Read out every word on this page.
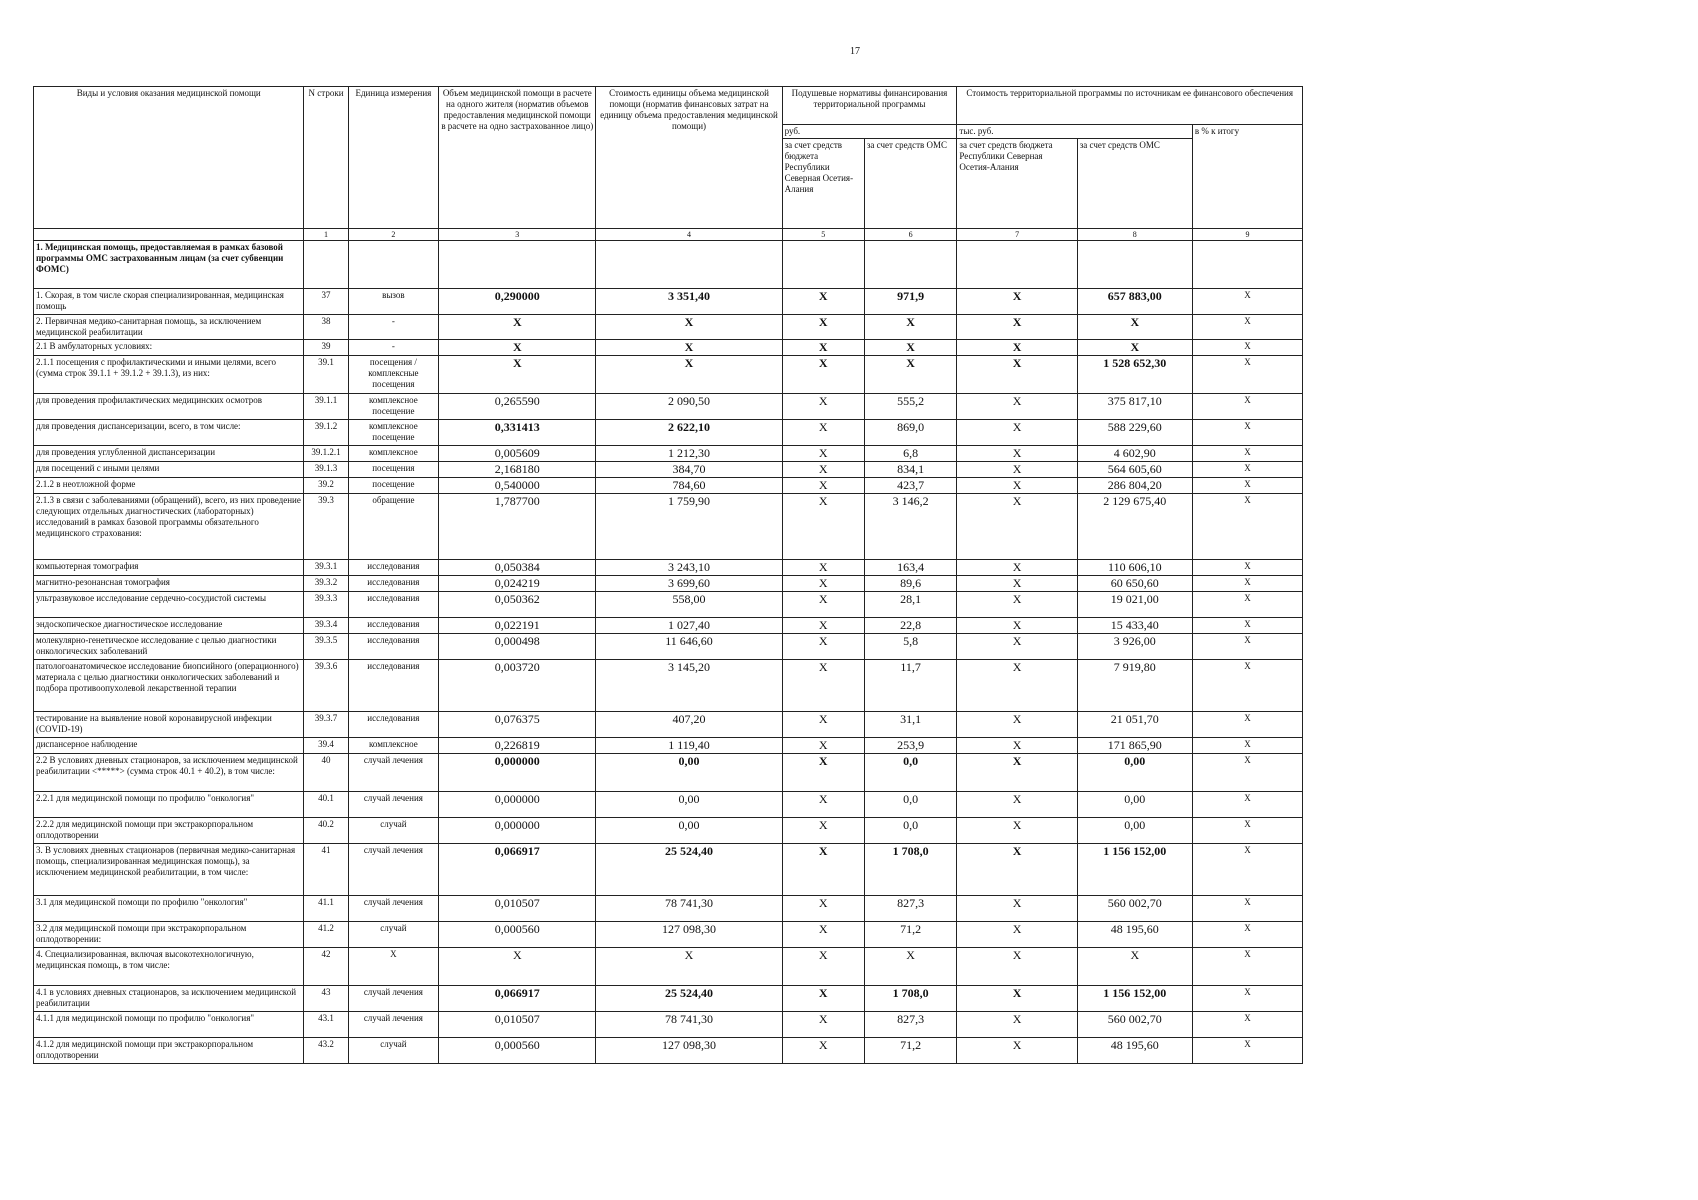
17
Виды и условия оказания медицинской помощи	N строки	Единица измерения	Объем медицинской помощи в расчете на одного жителя (норматив объемов предоставления медицинской помощи в расчете на одно застрахованное лицо)	Стоимость единицы объема медицинской помощи (норматив финансовых затрат на единицу объема предоставления медицинской помощи)	Подушевые нормативы финансирования территориальной программы		Стоимость территориальной программы по источникам ее финансового обеспечения		
					руб.		тыс. руб.		в % к итогу
					за счет средств бюджета Республики Северная Осетия-Алания	за счет средств ОМС	за счет средств бюджета Республики Северная Осетия-Алания	за счет средств ОМС	

	1	2	3	4	5	6	7	8	9
1. Медицинская помощь, предоставляемая в рамках базовой программы ОМС застрахованным лицам (за счет субвенции ФОМС)									
1. Скорая, в том числе скорая специализированная, медицинская помощь	37	вызов	0,290000	3 351,40	X	971,9	X	657 883,00	X
2. Первичная медико-санитарная помощь, за исключением медицинской реабилитации	38	-	X	X	X	X	X	X	X
2.1 В амбулаторных условиях:	39	-	X	X	X	X	X	X	X
2.1.1 посещения с профилактическими и иными целями, всего (сумма строк 39.1.1 + 39.1.2 + 39.1.3), из них:	39.1	посещения / комплексные посещения	X	X	X	X	X	1 528 652,30	X
для проведения профилактических медицинских осмотров	39.1.1	комплексное посещение	0,265590	2 090,50	X	555,2	X	375 817,10	X
для проведения диспансеризации, всего, в том числе:	39.1.2	комплексное посещение	0,331413	2 622,10	X	869,0	X	588 229,60	X
для проведения углубленной диспансеризации	39.1.2.1	комплексное	0,005609	1 212,30	X	6,8	X	4 602,90	X
для посещений с иными целями	39.1.3	посещения	2,168180	384,70	X	834,1	X	564 605,60	X
2.1.2 в неотложной форме	39.2	посещение	0,540000	784,60	X	423,7	X	286 804,20	X
2.1.3 в связи с заболеваниями (обращений), всего, из них проведение следующих отдельных диагностических (лабораторных) исследований в рамках базовой программы обязательного медицинского страхования:	39.3	обращение	1,787700	1 759,90	X	3 146,2	X	2 129 675,40	X
компьютерная томография	39.3.1	исследования	0,050384	3 243,10	X	163,4	X	110 606,10	X
магнитно-резонансная томография	39.3.2	исследования	0,024219	3 699,60	X	89,6	X	60 650,60	X
ультразвуковое исследование сердечно-сосудистой системы	39.3.3	исследования	0,050362	558,00	X	28,1	X	19 021,00	X
эндоскопическое диагностическое исследование	39.3.4	исследования	0,022191	1 027,40	X	22,8	X	15 433,40	X
молекулярно-генетическое исследование с целью диагностики онкологических заболеваний	39.3.5	исследования	0,000498	11 646,60	X	5,8	X	3 926,00	X
патологоанатомическое исследование биопсийного (операционного) материала с целью диагностики онкологических заболеваний и подбора противоопухолевой лекарственной терапии	39.3.6	исследования	0,003720	3 145,20	X	11,7	X	7 919,80	X
тестирование на выявление новой коронавирусной инфекции (COVID-19)	39.3.7	исследования	0,076375	407,20	X	31,1	X	21 051,70	X
диспансерное наблюдение	39.4	комплексное	0,226819	1 119,40	X	253,9	X	171 865,90	X
2.2 В условиях дневных стационаров, за исключением медицинской реабилитации <*****> (сумма строк 40.1 + 40.2), в том числе:	40	случай лечения	0,000000	0,00	X	0,0	X	0,00	X
2.2.1 для медицинской помощи по профилю "онкология"	40.1	случай лечения	0,000000	0,00	X	0,0	X	0,00	X
2.2.2 для медицинской помощи при экстракорпоральном оплодотворении	40.2	случай	0,000000	0,00	X	0,0	X	0,00	X
3. В условиях дневных стационаров (первичная медико-санитарная помощь, специализированная медицинская помощь), за исключением медицинской реабилитации, в том числе:	41	случай лечения	0,066917	25 524,40	X	1 708,0	X	1 156 152,00	X
3.1 для медицинской помощи по профилю "онкология"	41.1	случай лечения	0,010507	78 741,30	X	827,3	X	560 002,70	X
3.2 для медицинской помощи при экстракорпоральном оплодотворении:	41.2	случай	0,000560	127 098,30	X	71,2	X	48 195,60	X
4. Специализированная, включая высокотехнологичную, медицинская помощь, в том числе:	42	X	X	X	X	X	X	X	X
4.1 в условиях дневных стационаров, за исключением медицинской реабилитации	43	случай лечения	0,066917	25 524,40	X	1 708,0	X	1 156 152,00	X
4.1.1 для медицинской помощи по профилю "онкология"	43.1	случай лечения	0,010507	78 741,30	X	827,3	X	560 002,70	X
4.1.2 для медицинской помощи при экстракорпоральном оплодотворении	43.2	случай	0,000560	127 098,30	X	71,2	X	48 195,60	X
